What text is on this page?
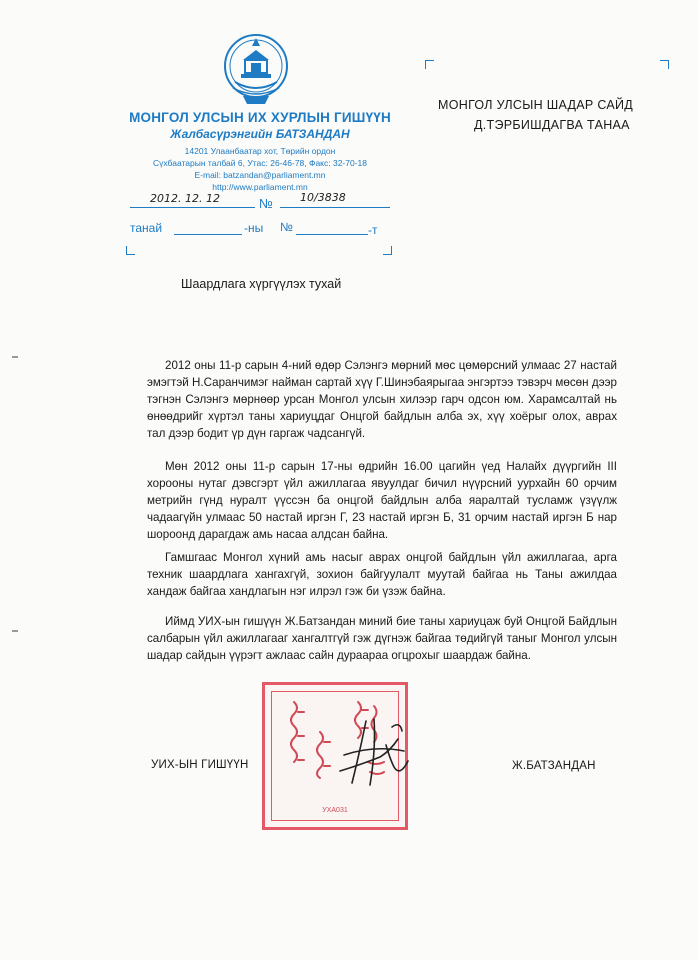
МОНГОЛ УЛСЫН ИХ ХУРЛЫН ГИШҮҮН
Жалбасүрэнгийн БАТЗАНДАН
14201 Улаанбаатар хот, Төрийн ордон
Сүхбаатарын талбай 6, Утас: 26-46-78, Факс: 32-70-18
E-mail: batzandan@parliament.mn
http://www.parliament.mn
2012. 12. 12	№ 10/3838
танай	-ны №	-т
МОНГОЛ УЛСЫН ШАДАР САЙД
Д.ТЭРБИШДАГВА ТАНАА
Шаардлага хүргүүлэх тухай
2012 оны 11-р сарын 4-ний өдөр Сэлэнгэ мөрний мөс цөмөрсний улмаас 27 настай эмэгтэй Н.Саранчимэг найман сартай хүү Г.Шинэбаярыгаа энгэртээ тэвэрч мөсөн дээр тэгнэн Сэлэнгэ мөрнөөр урсан Монгол улсын хилээр гарч одсон юм. Харамсалтай нь өнөөдрийг хүртэл таны хариуцдаг Онцгой байдлын алба эх, хүү хоёрыг олох, аврах тал дээр бодит үр дүн гаргаж чадсангүй.
Мөн 2012 оны 11-р сарын 17-ны өдрийн 16.00 цагийн үед Налайх дүүргийн III хорооны нутаг дэвсгэрт үйл ажиллагаа явуулдаг бичил нүүрсний уурхайн 60 орчим метрийн гүнд нуралт үүссэн ба онцгой байдлын алба яаралтай тусламж үзүүлж чадаагүйн улмаас 50 настай иргэн Г, 23 настай иргэн Б, 31 орчим настай иргэн Б нар шороонд дарагдаж амь насаа алдсан байна.
Гамшгаас Монгол хүний амь насыг аврах онцгой байдлын үйл ажиллагаа, арга техник шаардлага хангахгүй, зохион байгуулалт муутай байгаа нь Таны ажилдаа хандаж байгаа хандлагын нэг илрэл гэж би үзэж байна.
Иймд УИХ-ын гишүүн Ж.Батзандан миний бие таны хариуцаж буй Онцгой Байдлын салбарын үйл ажиллагааг хангалтгүй гэж дүгнэж байгаа төдийгүй таныг Монгол улсын шадар сайдын үүрэгт ажлаас сайн дураараа огцрохыг шаардаж байна.
УХА031
УИХ-ЫН ГИШҮҮН	Ж.БАТЗАНДАН
